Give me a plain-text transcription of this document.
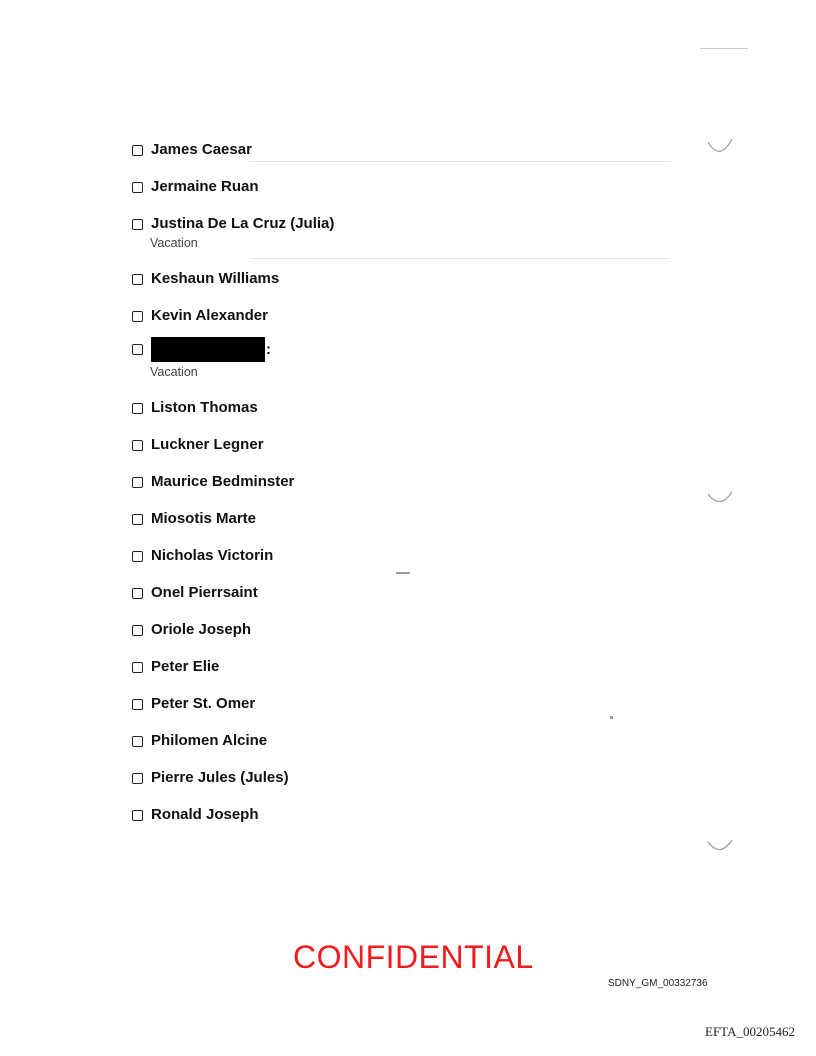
James Caesar
Jermaine Ruan
Justina De La Cruz (Julia)
Vacation
Keshaun Williams
Kevin Alexander
:
Vacation
Liston Thomas
Luckner Legner
Maurice Bedminster
Miosotis Marte
Nicholas Victorin
Onel Pierrsaint
Oriole Joseph
Peter Elie
Peter St. Omer
Philomen Alcine
Pierre Jules (Jules)
Ronald Joseph
CONFIDENTIAL
SDNY_GM_00332736
EFTA_00205462
